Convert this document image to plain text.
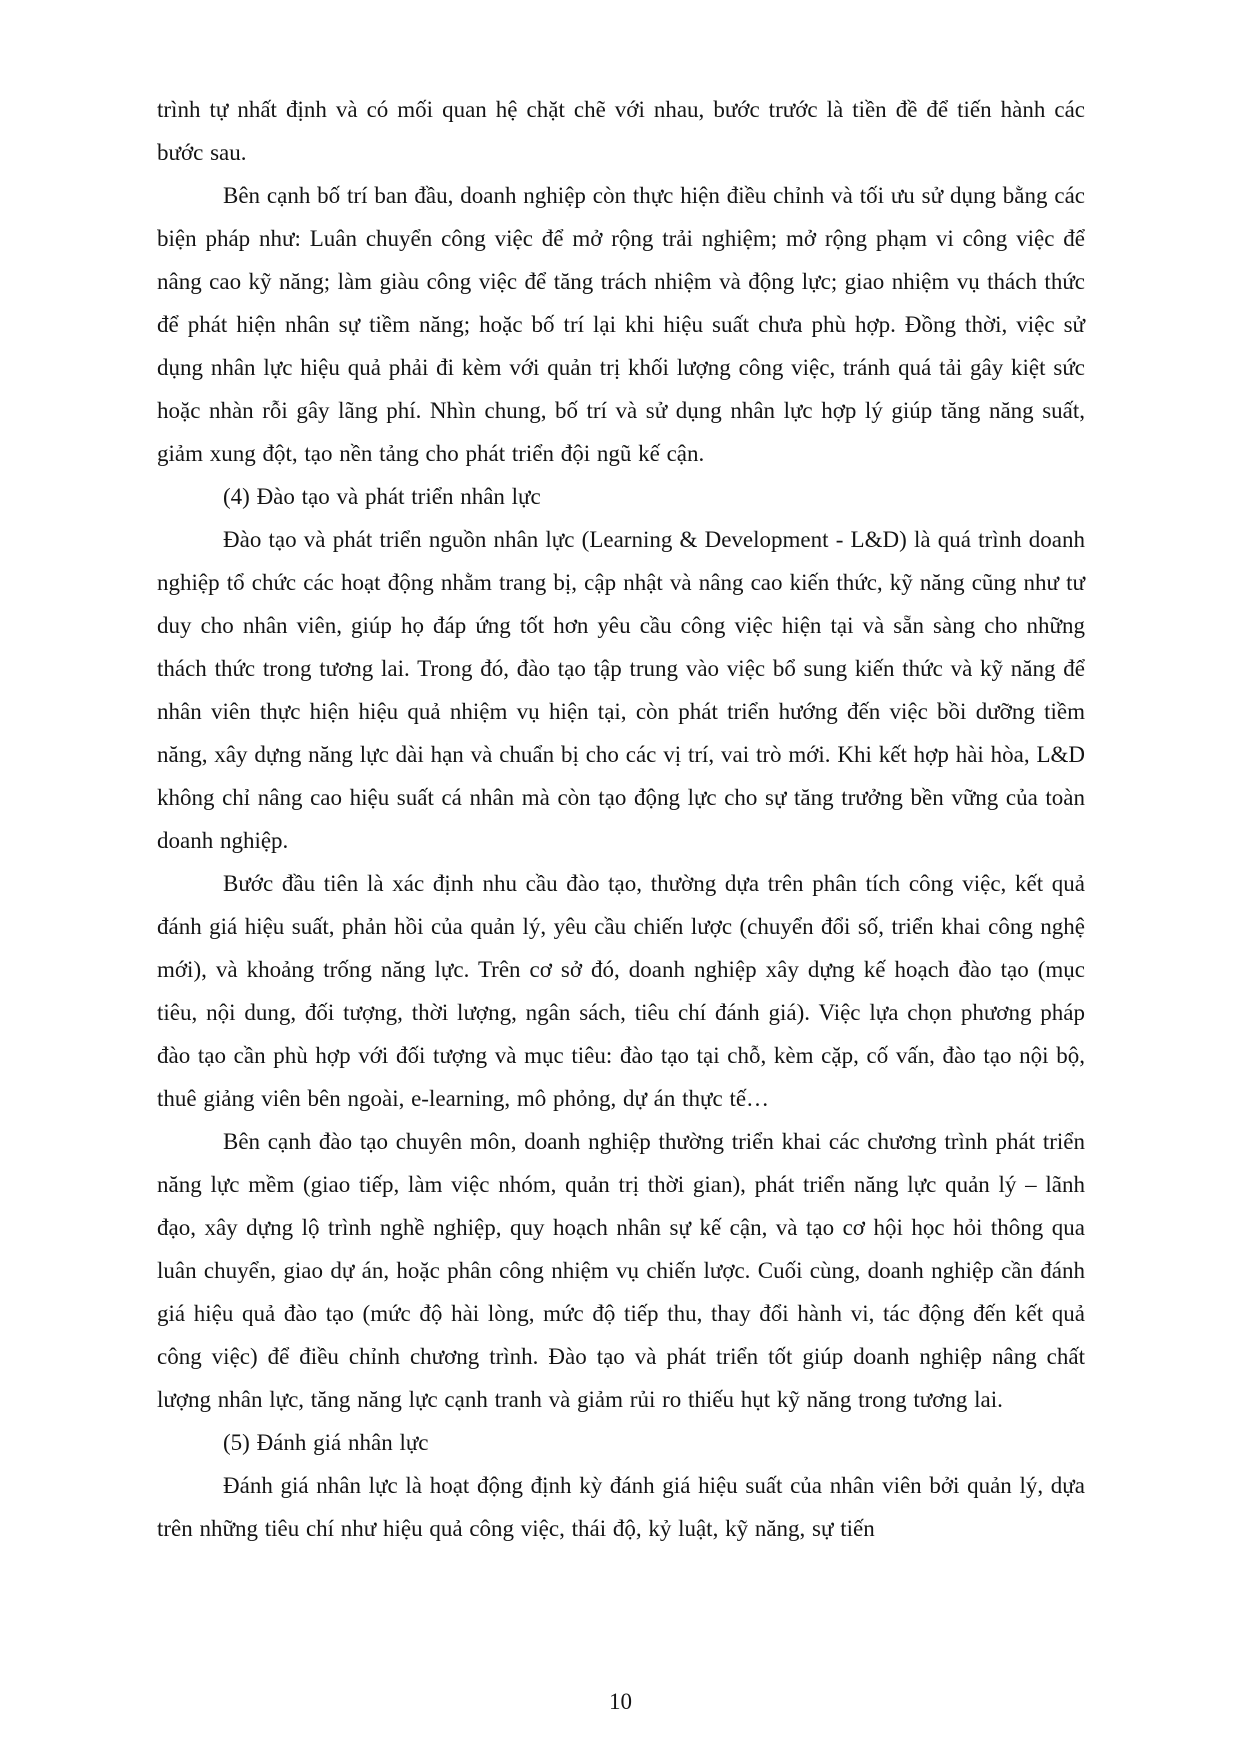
trình tự nhất định và có mối quan hệ chặt chẽ với nhau, bước trước là tiền đề để tiến hành các bước sau.

Bên cạnh bố trí ban đầu, doanh nghiệp còn thực hiện điều chỉnh và tối ưu sử dụng bằng các biện pháp như: Luân chuyển công việc để mở rộng trải nghiệm; mở rộng phạm vi công việc để nâng cao kỹ năng; làm giàu công việc để tăng trách nhiệm và động lực; giao nhiệm vụ thách thức để phát hiện nhân sự tiềm năng; hoặc bố trí lại khi hiệu suất chưa phù hợp. Đồng thời, việc sử dụng nhân lực hiệu quả phải đi kèm với quản trị khối lượng công việc, tránh quá tải gây kiệt sức hoặc nhàn rỗi gây lãng phí. Nhìn chung, bố trí và sử dụng nhân lực hợp lý giúp tăng năng suất, giảm xung đột, tạo nền tảng cho phát triển đội ngũ kế cận.

(4) Đào tạo và phát triển nhân lực

Đào tạo và phát triển nguồn nhân lực (Learning & Development - L&D) là quá trình doanh nghiệp tổ chức các hoạt động nhằm trang bị, cập nhật và nâng cao kiến thức, kỹ năng cũng như tư duy cho nhân viên, giúp họ đáp ứng tốt hơn yêu cầu công việc hiện tại và sẵn sàng cho những thách thức trong tương lai. Trong đó, đào tạo tập trung vào việc bổ sung kiến thức và kỹ năng để nhân viên thực hiện hiệu quả nhiệm vụ hiện tại, còn phát triển hướng đến việc bồi dưỡng tiềm năng, xây dựng năng lực dài hạn và chuẩn bị cho các vị trí, vai trò mới. Khi kết hợp hài hòa, L&D không chỉ nâng cao hiệu suất cá nhân mà còn tạo động lực cho sự tăng trưởng bền vững của toàn doanh nghiệp.

Bước đầu tiên là xác định nhu cầu đào tạo, thường dựa trên phân tích công việc, kết quả đánh giá hiệu suất, phản hồi của quản lý, yêu cầu chiến lược (chuyển đổi số, triển khai công nghệ mới), và khoảng trống năng lực. Trên cơ sở đó, doanh nghiệp xây dựng kế hoạch đào tạo (mục tiêu, nội dung, đối tượng, thời lượng, ngân sách, tiêu chí đánh giá). Việc lựa chọn phương pháp đào tạo cần phù hợp với đối tượng và mục tiêu: đào tạo tại chỗ, kèm cặp, cố vấn, đào tạo nội bộ, thuê giảng viên bên ngoài, e-learning, mô phỏng, dự án thực tế…

Bên cạnh đào tạo chuyên môn, doanh nghiệp thường triển khai các chương trình phát triển năng lực mềm (giao tiếp, làm việc nhóm, quản trị thời gian), phát triển năng lực quản lý – lãnh đạo, xây dựng lộ trình nghề nghiệp, quy hoạch nhân sự kế cận, và tạo cơ hội học hỏi thông qua luân chuyển, giao dự án, hoặc phân công nhiệm vụ chiến lược. Cuối cùng, doanh nghiệp cần đánh giá hiệu quả đào tạo (mức độ hài lòng, mức độ tiếp thu, thay đổi hành vi, tác động đến kết quả công việc) để điều chỉnh chương trình. Đào tạo và phát triển tốt giúp doanh nghiệp nâng chất lượng nhân lực, tăng năng lực cạnh tranh và giảm rủi ro thiếu hụt kỹ năng trong tương lai.

(5) Đánh giá nhân lực

Đánh giá nhân lực là hoạt động định kỳ đánh giá hiệu suất của nhân viên bởi quản lý, dựa trên những tiêu chí như hiệu quả công việc, thái độ, kỷ luật, kỹ năng, sự tiến

10
